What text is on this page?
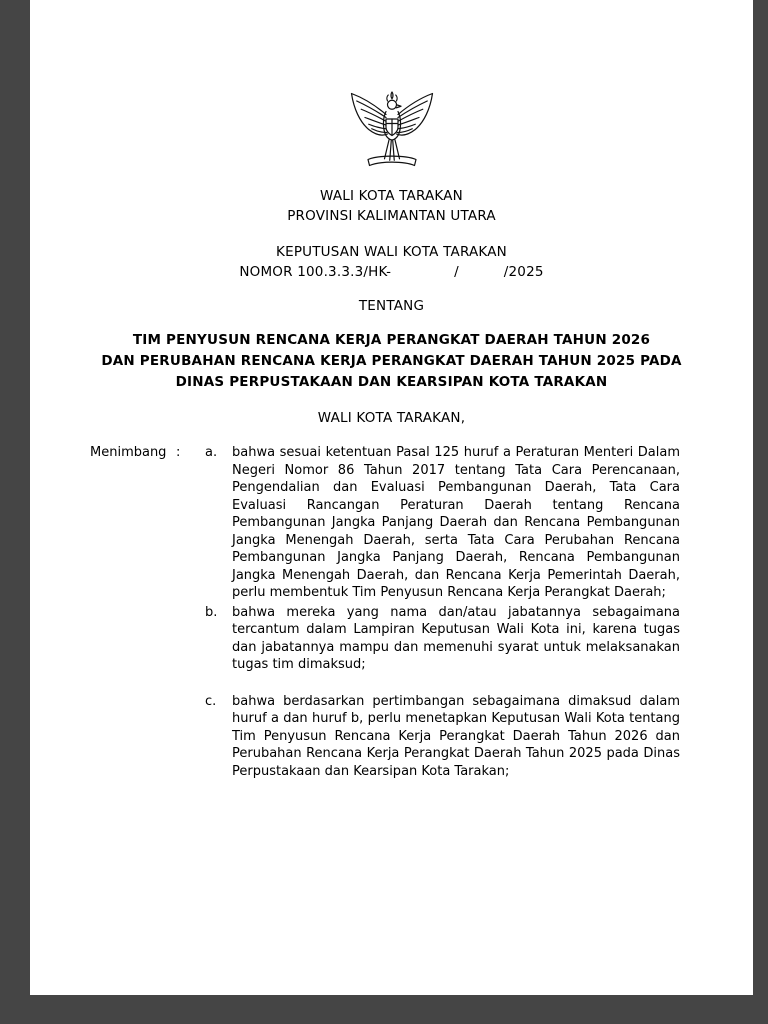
WALI KOTA TARAKAN
PROVINSI KALIMANTAN UTARA
KEPUTUSAN WALI KOTA TARAKAN
NOMOR 100.3.3.3/HK-              /          /2025
TENTANG
TIM PENYUSUN RENCANA KERJA PERANGKAT DAERAH TAHUN 2026
DAN PERUBAHAN RENCANA KERJA PERANGKAT DAERAH TAHUN 2025 PADA
DINAS PERPUSTAKAAN DAN KEARSIPAN KOTA TARAKAN
WALI KOTA TARAKAN,
Menimbang :	a.	bahwa sesuai ketentuan Pasal 125 huruf a Peraturan Menteri Dalam Negeri Nomor 86 Tahun 2017 tentang Tata Cara Perencanaan, Pengendalian dan Evaluasi Pembangunan Daerah, Tata Cara Evaluasi Rancangan Peraturan Daerah tentang Rencana Pembangunan Jangka Panjang Daerah dan Rencana Pembangunan Jangka Menengah Daerah, serta Tata Cara Perubahan Rencana Pembangunan Jangka Panjang Daerah, Rencana Pembangunan Jangka Menengah Daerah, dan Rencana Kerja Pemerintah Daerah, perlu membentuk Tim Penyusun Rencana Kerja Perangkat Daerah;
b.	bahwa mereka yang nama dan/atau jabatannya sebagaimana tercantum dalam Lampiran Keputusan Wali Kota ini, karena tugas dan jabatannya mampu dan memenuhi syarat untuk melaksanakan tugas tim dimaksud;
c.	bahwa berdasarkan pertimbangan sebagaimana dimaksud dalam huruf a dan huruf b, perlu menetapkan Keputusan Wali Kota tentang Tim Penyusun Rencana Kerja Perangkat Daerah Tahun 2026 dan Perubahan Rencana Kerja Perangkat Daerah Tahun 2025 pada Dinas Perpustakaan dan Kearsipan Kota Tarakan;
